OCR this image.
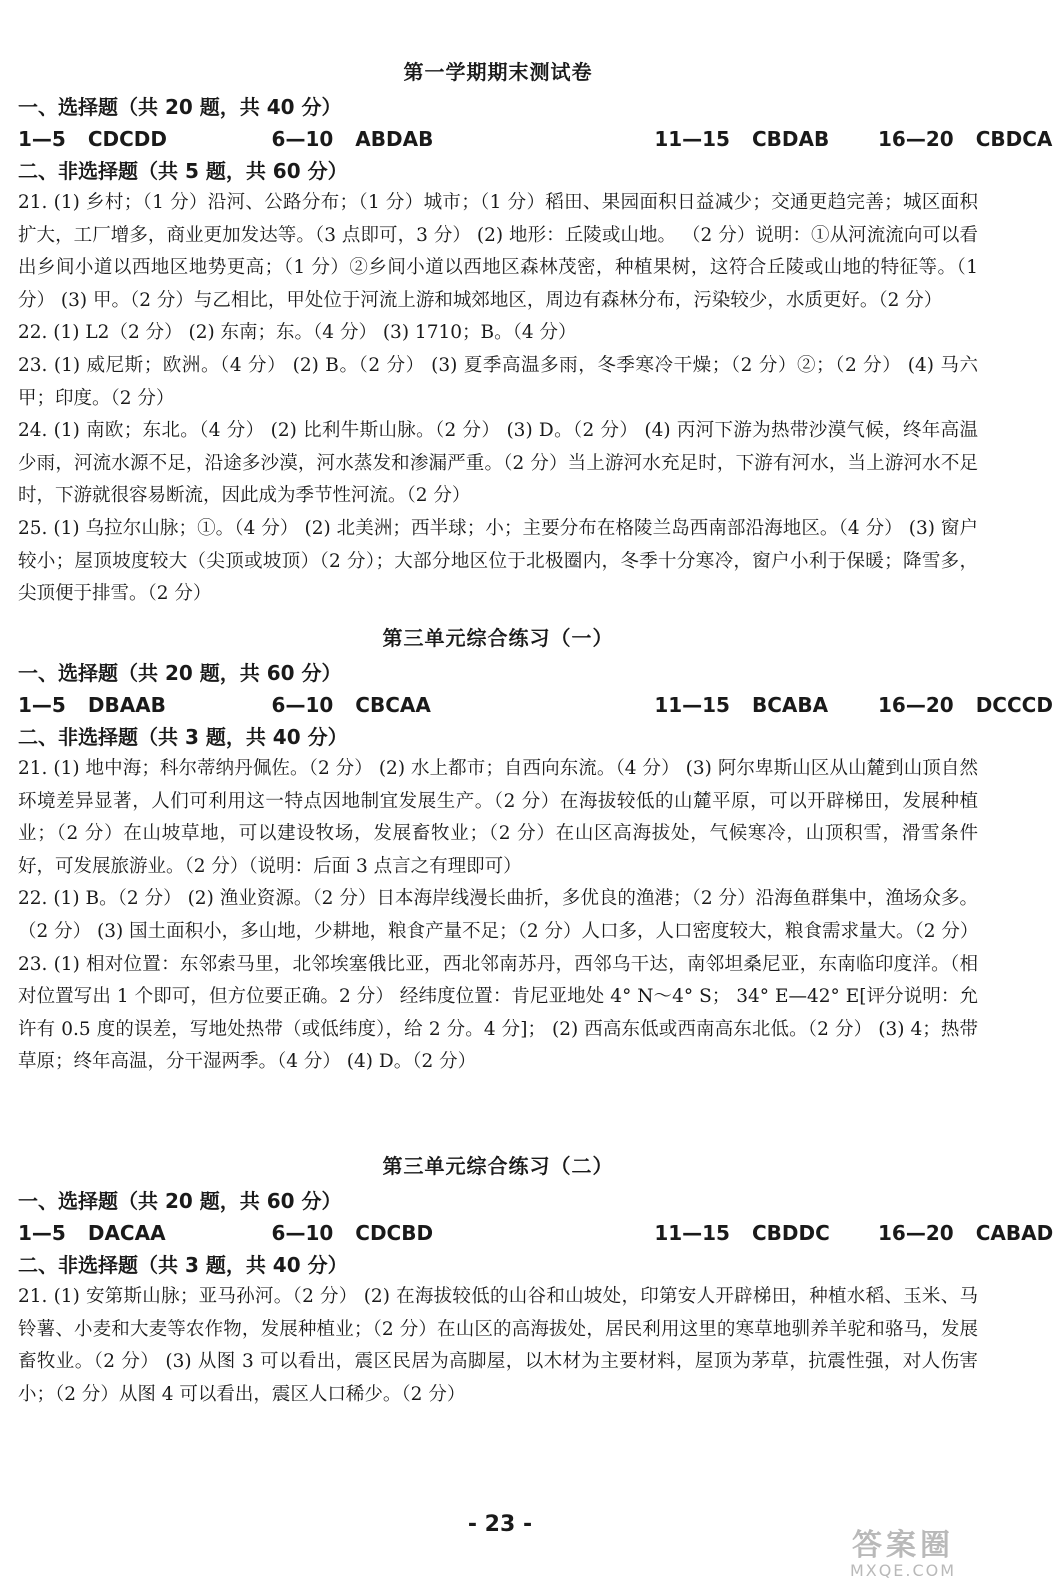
第一学期期末测试卷
一、选择题（共 20 题，共 40 分）
1—5 CDCDD	6—10 ABDAB	11—15 CBDAB	16—20 CBDCA
二、非选择题（共 5 题，共 60 分）

21. (1) 乡村；（1 分）沿河、公路分布；（1 分）城市；（1 分）稻田、果园面积日益减少；交通更趋完善；城区面积扩大，工厂增多，商业更加发达等。（3 点即可，3 分） (2) 地形：丘陵或山地。 （2 分）说明：①从河流流向可以看出乡间小道以西地区地势更高；（1 分）②乡间小道以西地区森林茂密，种植果树，这符合丘陵或山地的特征等。（1 分） (3) 甲。（2 分）与乙相比，甲处位于河流上游和城郊地区，周边有森林分布，污染较少，水质更好。（2 分）

22. (1) L2（2 分） (2) 东南；东。（4 分） (3) 1710；B。（4 分）

23. (1) 威尼斯；欧洲。（4 分） (2) B。（2 分） (3) 夏季高温多雨，冬季寒冷干燥；（2 分）②；（2 分） (4) 马六甲；印度。（2 分）

24. (1) 南欧；东北。（4 分） (2) 比利牛斯山脉。（2 分） (3) D。（2 分） (4) 丙河下游为热带沙漠气候，终年高温少雨，河流水源不足，沿途多沙漠，河水蒸发和渗漏严重。（2 分）当上游河水充足时，下游有河水，当上游河水不足时，下游就很容易断流，因此成为季节性河流。（2 分）

25. (1) 乌拉尔山脉；①。（4 分） (2) 北美洲；西半球；小；主要分布在格陵兰岛西南部沿海地区。（4 分） (3) 窗户较小；屋顶坡度较大（尖顶或坡顶）（2 分）；大部分地区位于北极圈内，冬季十分寒冷，窗户小利于保暖；降雪多，尖顶便于排雪。（2 分）

第三单元综合练习（一）
一、选择题（共 20 题，共 60 分）
1—5 DBAAB	6—10 CBCAA	11—15 BCABA	16—20 DCCCD
二、非选择题（共 3 题，共 40 分）

21. (1) 地中海；科尔蒂纳丹佩佐。（2 分） (2) 水上都市；自西向东流。（4 分） (3) 阿尔卑斯山区从山麓到山顶自然环境差异显著，人们可利用这一特点因地制宜发展生产。（2 分）在海拔较低的山麓平原，可以开辟梯田，发展种植业；（2 分）在山坡草地，可以建设牧场，发展畜牧业；（2 分）在山区高海拔处，气候寒冷，山顶积雪，滑雪条件好，可发展旅游业。（2 分）（说明：后面 3 点言之有理即可）

22. (1) B。（2 分） (2) 渔业资源。（2 分）日本海岸线漫长曲折，多优良的渔港；（2 分）沿海鱼群集中，渔场众多。（2 分） (3) 国土面积小，多山地，少耕地，粮食产量不足；（2 分）人口多，人口密度较大，粮食需求量大。（2 分）

23. (1) 相对位置：东邻索马里，北邻埃塞俄比亚，西北邻南苏丹，西邻乌干达，南邻坦桑尼亚，东南临印度洋。（相对位置写出 1 个即可，但方位要正确。2 分） 经纬度位置：肯尼亚地处 4° N～4° S； 34° E—42° E[评分说明：允许有 0.5 度的误差，写地处热带（或低纬度），给 2 分。4 分]； (2) 西高东低或西南高东北低。（2 分） (3) 4；热带草原；终年高温，分干湿两季。（4 分） (4) D。（2 分）

第三单元综合练习（二）
一、选择题（共 20 题，共 60 分）
1—5 DACAA	6—10 CDCBD	11—15 CBDDC	16—20 CABAD
二、非选择题（共 3 题，共 40 分）

21. (1) 安第斯山脉；亚马孙河。（2 分） (2) 在海拔较低的山谷和山坡处，印第安人开辟梯田，种植水稻、玉米、马铃薯、小麦和大麦等农作物，发展种植业；（2 分）在山区的高海拔处，居民利用这里的寒草地驯养羊驼和骆马，发展畜牧业。（2 分） (3) 从图 3 可以看出，震区民居为高脚屋，以木材为主要材料，屋顶为茅草，抗震性强，对人伤害小；（2 分）从图 4 可以看出，震区人口稀少。（2 分）

- 23 -
答案圈
MXQE.COM
